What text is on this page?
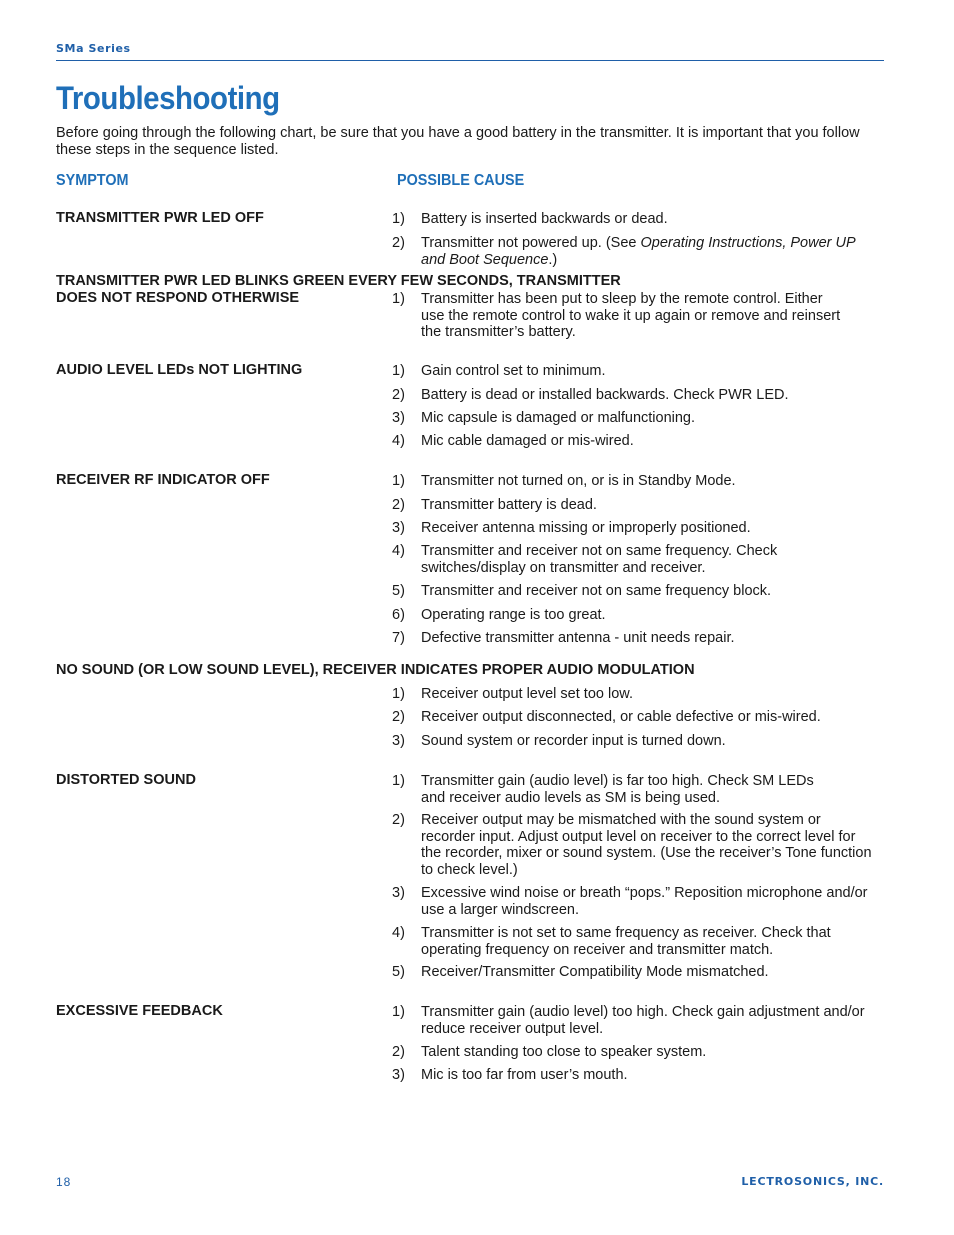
SMa Series
Troubleshooting
Before going through the following chart, be sure that you have a good battery in the transmitter. It is important that you follow these steps in the sequence listed.
SYMPTOM	POSSIBLE CAUSE
TRANSMITTER PWR LED OFF	1) Battery is inserted backwards or dead.
2) Transmitter not powered up. (See Operating Instructions, Power UP and Boot Sequence.)
TRANSMITTER PWR LED BLINKS GREEN EVERY FEW SECONDS, TRANSMITTER
DOES NOT RESPOND OTHERWISE	1) Transmitter has been put to sleep by the remote control. Either use the remote control to wake it up again or remove and reinsert the transmitter’s battery.
AUDIO LEVEL LEDs NOT LIGHTING	1) Gain control set to minimum.
2) Battery is dead or installed backwards. Check PWR LED.
3) Mic capsule is damaged or malfunctioning.
4) Mic cable damaged or mis-wired.
RECEIVER RF INDICATOR OFF	1) Transmitter not turned on, or is in Standby Mode.
2) Transmitter battery is dead.
3) Receiver antenna missing or improperly positioned.
4) Transmitter and receiver not on same frequency. Check switches/display on transmitter and receiver.
5) Transmitter and receiver not on same frequency block.
6) Operating range is too great.
7) Defective transmitter antenna - unit needs repair.
NO SOUND (OR LOW SOUND LEVEL), RECEIVER INDICATES PROPER AUDIO MODULATION
1) Receiver output level set too low.
2) Receiver output disconnected, or cable defective or mis-wired.
3) Sound system or recorder input is turned down.
DISTORTED SOUND	1) Transmitter gain (audio level) is far too high. Check SM LEDs and receiver audio levels as SM is being used.
2) Receiver output may be mismatched with the sound system or recorder input. Adjust output level on receiver to the correct level for the recorder, mixer or sound system. (Use the receiver’s Tone function to check level.)
3) Excessive wind noise or breath “pops.” Reposition microphone and/or use a larger windscreen.
4) Transmitter is not set to same frequency as receiver. Check that operating frequency on receiver and transmitter match.
5) Receiver/Transmitter Compatibility Mode mismatched.
EXCESSIVE FEEDBACK	1) Transmitter gain (audio level) too high. Check gain adjustment and/or reduce receiver output level.
2) Talent standing too close to speaker system.
3) Mic is too far from user’s mouth.
18	LECTROSONICS, INC.
